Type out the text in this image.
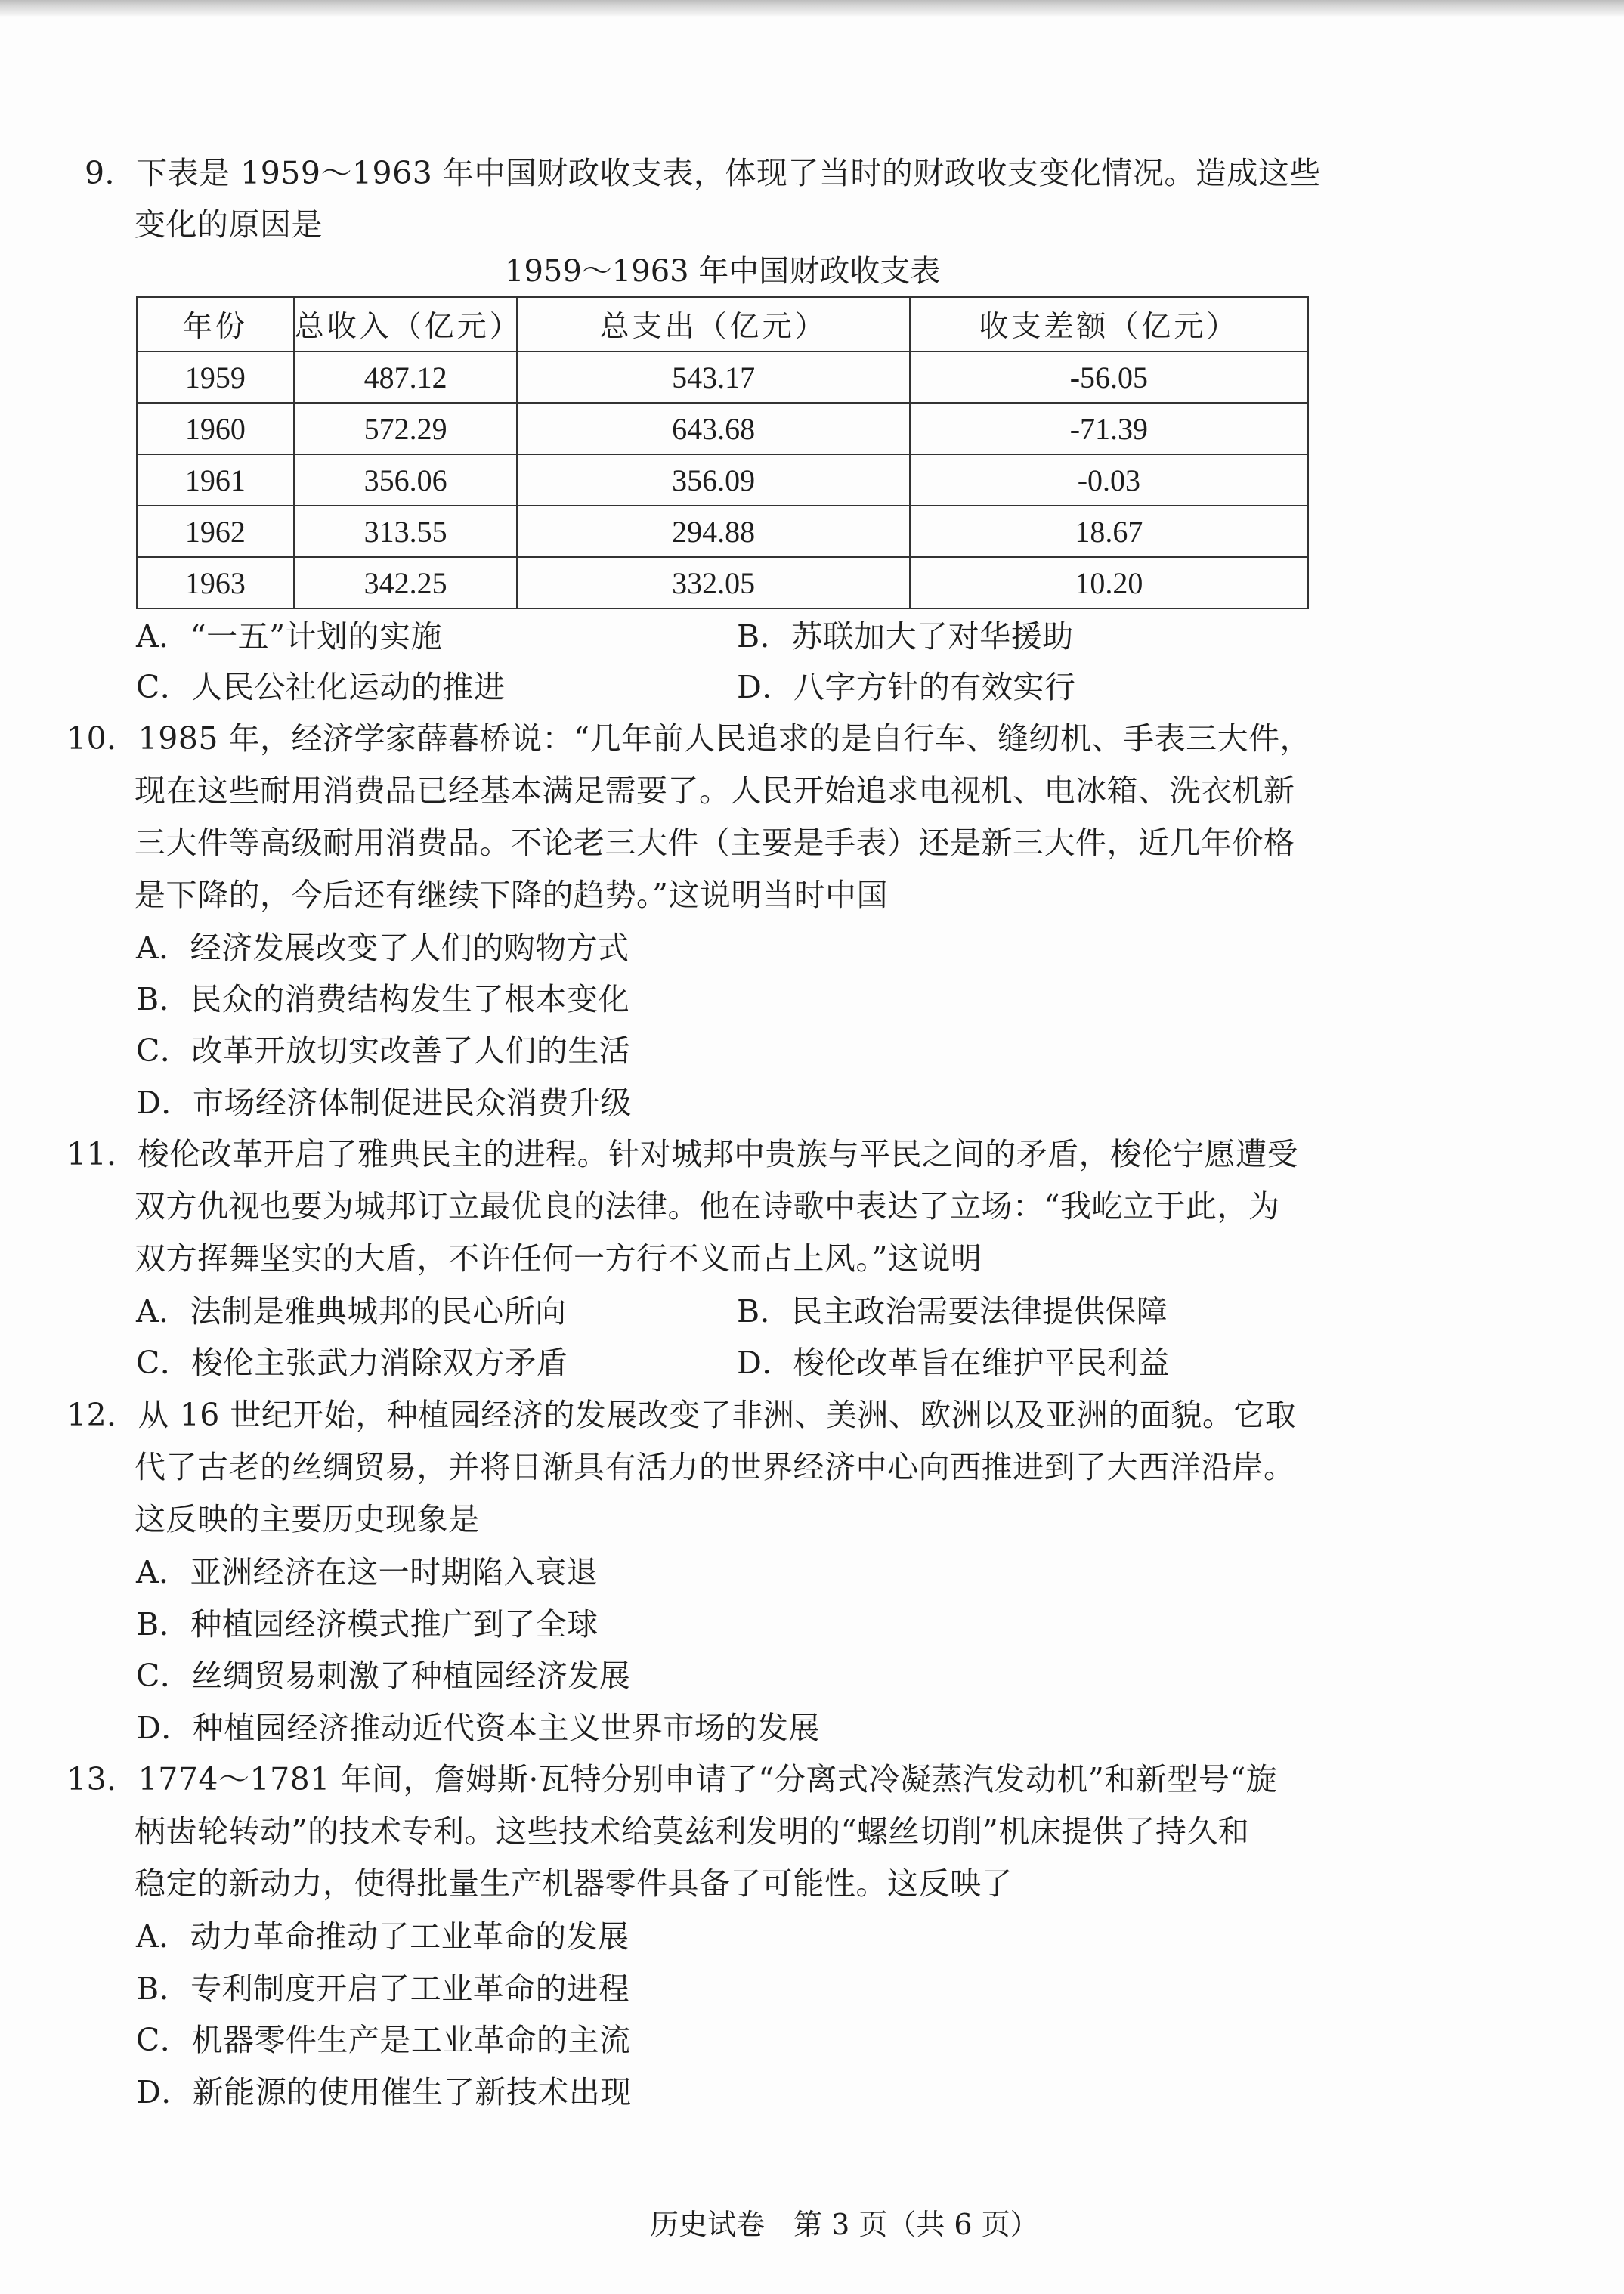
9．下表是 1959～1963 年中国财政收支表，体现了当时的财政收支变化情况。造成这些
变化的原因是
1959～1963 年中国财政收支表
年份	总收入（亿元）	总支出（亿元）	收支差额（亿元）
1959	487.12	543.17	-56.05
1960	572.29	643.68	-71.39
1961	356.06	356.09	-0.03
1962	313.55	294.88	18.67
1963	342.25	332.05	10.20
A．“一五”计划的实施	B．苏联加大了对华援助
C．人民公社化运动的推进	D．八字方针的有效实行
10．1985 年，经济学家薛暮桥说：“几年前人民追求的是自行车、缝纫机、手表三大件，
现在这些耐用消费品已经基本满足需要了。人民开始追求电视机、电冰箱、洗衣机新
三大件等高级耐用消费品。不论老三大件（主要是手表）还是新三大件，近几年价格
是下降的，今后还有继续下降的趋势。”这说明当时中国
A．经济发展改变了人们的购物方式
B．民众的消费结构发生了根本变化
C．改革开放切实改善了人们的生活
D．市场经济体制促进民众消费升级
11．梭伦改革开启了雅典民主的进程。针对城邦中贵族与平民之间的矛盾，梭伦宁愿遭受
双方仇视也要为城邦订立最优良的法律。他在诗歌中表达了立场：“我屹立于此，为
双方挥舞坚实的大盾，不许任何一方行不义而占上风。”这说明
A．法制是雅典城邦的民心所向	B．民主政治需要法律提供保障
C．梭伦主张武力消除双方矛盾	D．梭伦改革旨在维护平民利益
12．从 16 世纪开始，种植园经济的发展改变了非洲、美洲、欧洲以及亚洲的面貌。它取
代了古老的丝绸贸易，并将日渐具有活力的世界经济中心向西推进到了大西洋沿岸。
这反映的主要历史现象是
A．亚洲经济在这一时期陷入衰退
B．种植园经济模式推广到了全球
C．丝绸贸易刺激了种植园经济发展
D．种植园经济推动近代资本主义世界市场的发展
13．1774～1781 年间，詹姆斯·瓦特分别申请了“分离式冷凝蒸汽发动机”和新型号“旋
柄齿轮转动”的技术专利。这些技术给莫兹利发明的“螺丝切削”机床提供了持久和
稳定的新动力，使得批量生产机器零件具备了可能性。这反映了
A．动力革命推动了工业革命的发展
B．专利制度开启了工业革命的进程
C．机器零件生产是工业革命的主流
D．新能源的使用催生了新技术出现
历史试卷　第 3 页（共 6 页）
